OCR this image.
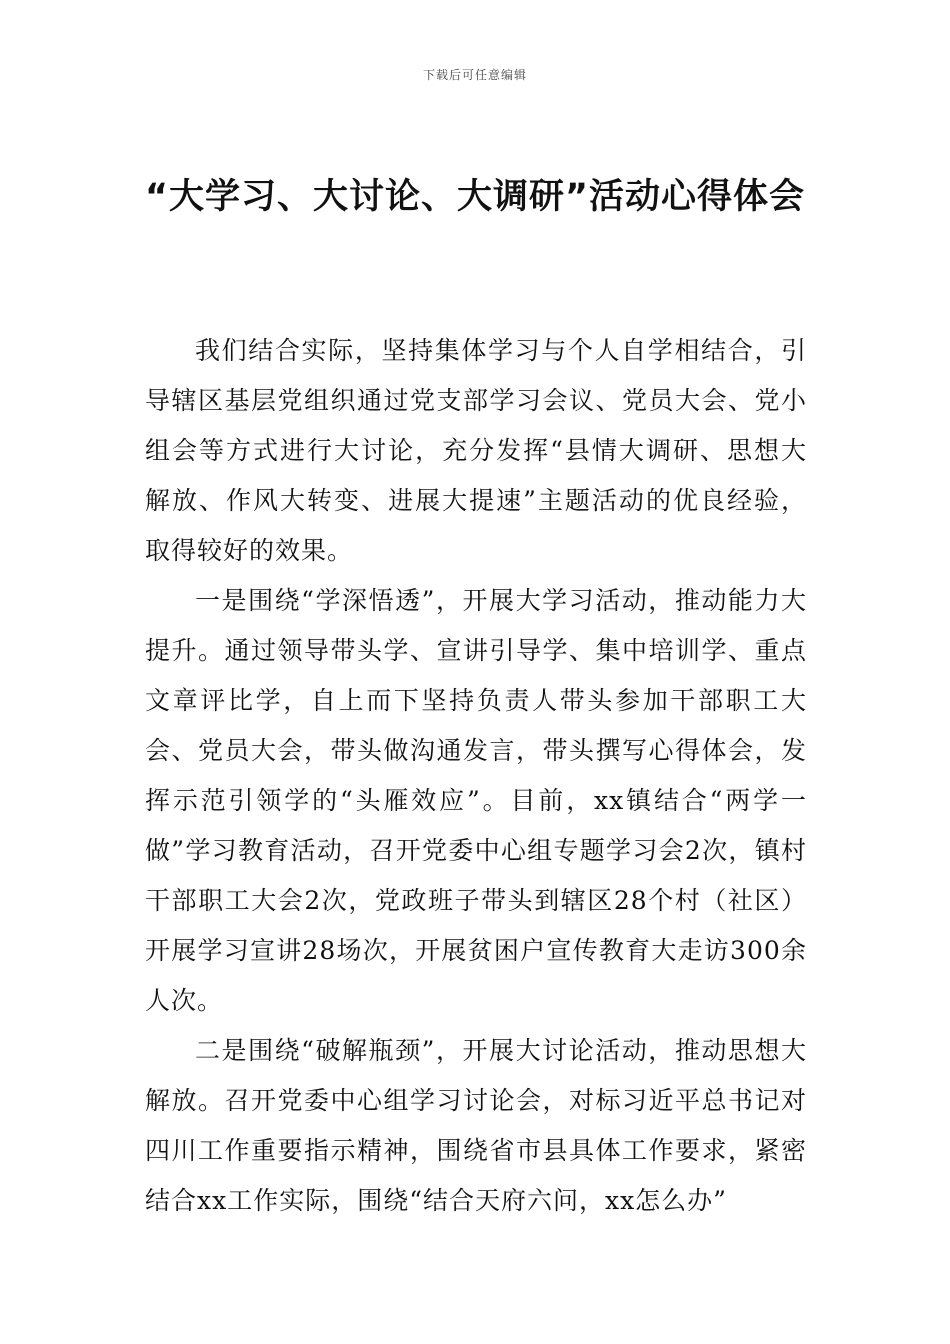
下载后可任意编辑
“大学习、大讨论、大调研”活动心得体会

我们结合实际，坚持集体学习与个人自学相结合，引导辖区基层党组织通过党支部学习会议、党员大会、党小组会等方式进行大讨论，充分发挥“县情大调研、思想大解放、作风大转变、进展大提速”主题活动的优良经验，取得较好的效果。

一是围绕“学深悟透”，开展大学习活动，推动能力大提升。通过领导带头学、宣讲引导学、集中培训学、重点文章评比学，自上而下坚持负责人带头参加干部职工大会、党员大会，带头做沟通发言，带头撰写心得体会，发挥示范引领学的“头雁效应”。目前，xx镇结合“两学一做”学习教育活动，召开党委中心组专题学习会2次，镇村干部职工大会2次，党政班子带头到辖区28个村（社区）开展学习宣讲28场次，开展贫困户宣传教育大走访300余人次。

二是围绕“破解瓶颈”，开展大讨论活动，推动思想大解放。召开党委中心组学习讨论会，对标习近平总书记对四川工作重要指示精神，围绕省市县具体工作要求，紧密结合xx工作实际，围绕“结合天府六问，xx怎么办”
